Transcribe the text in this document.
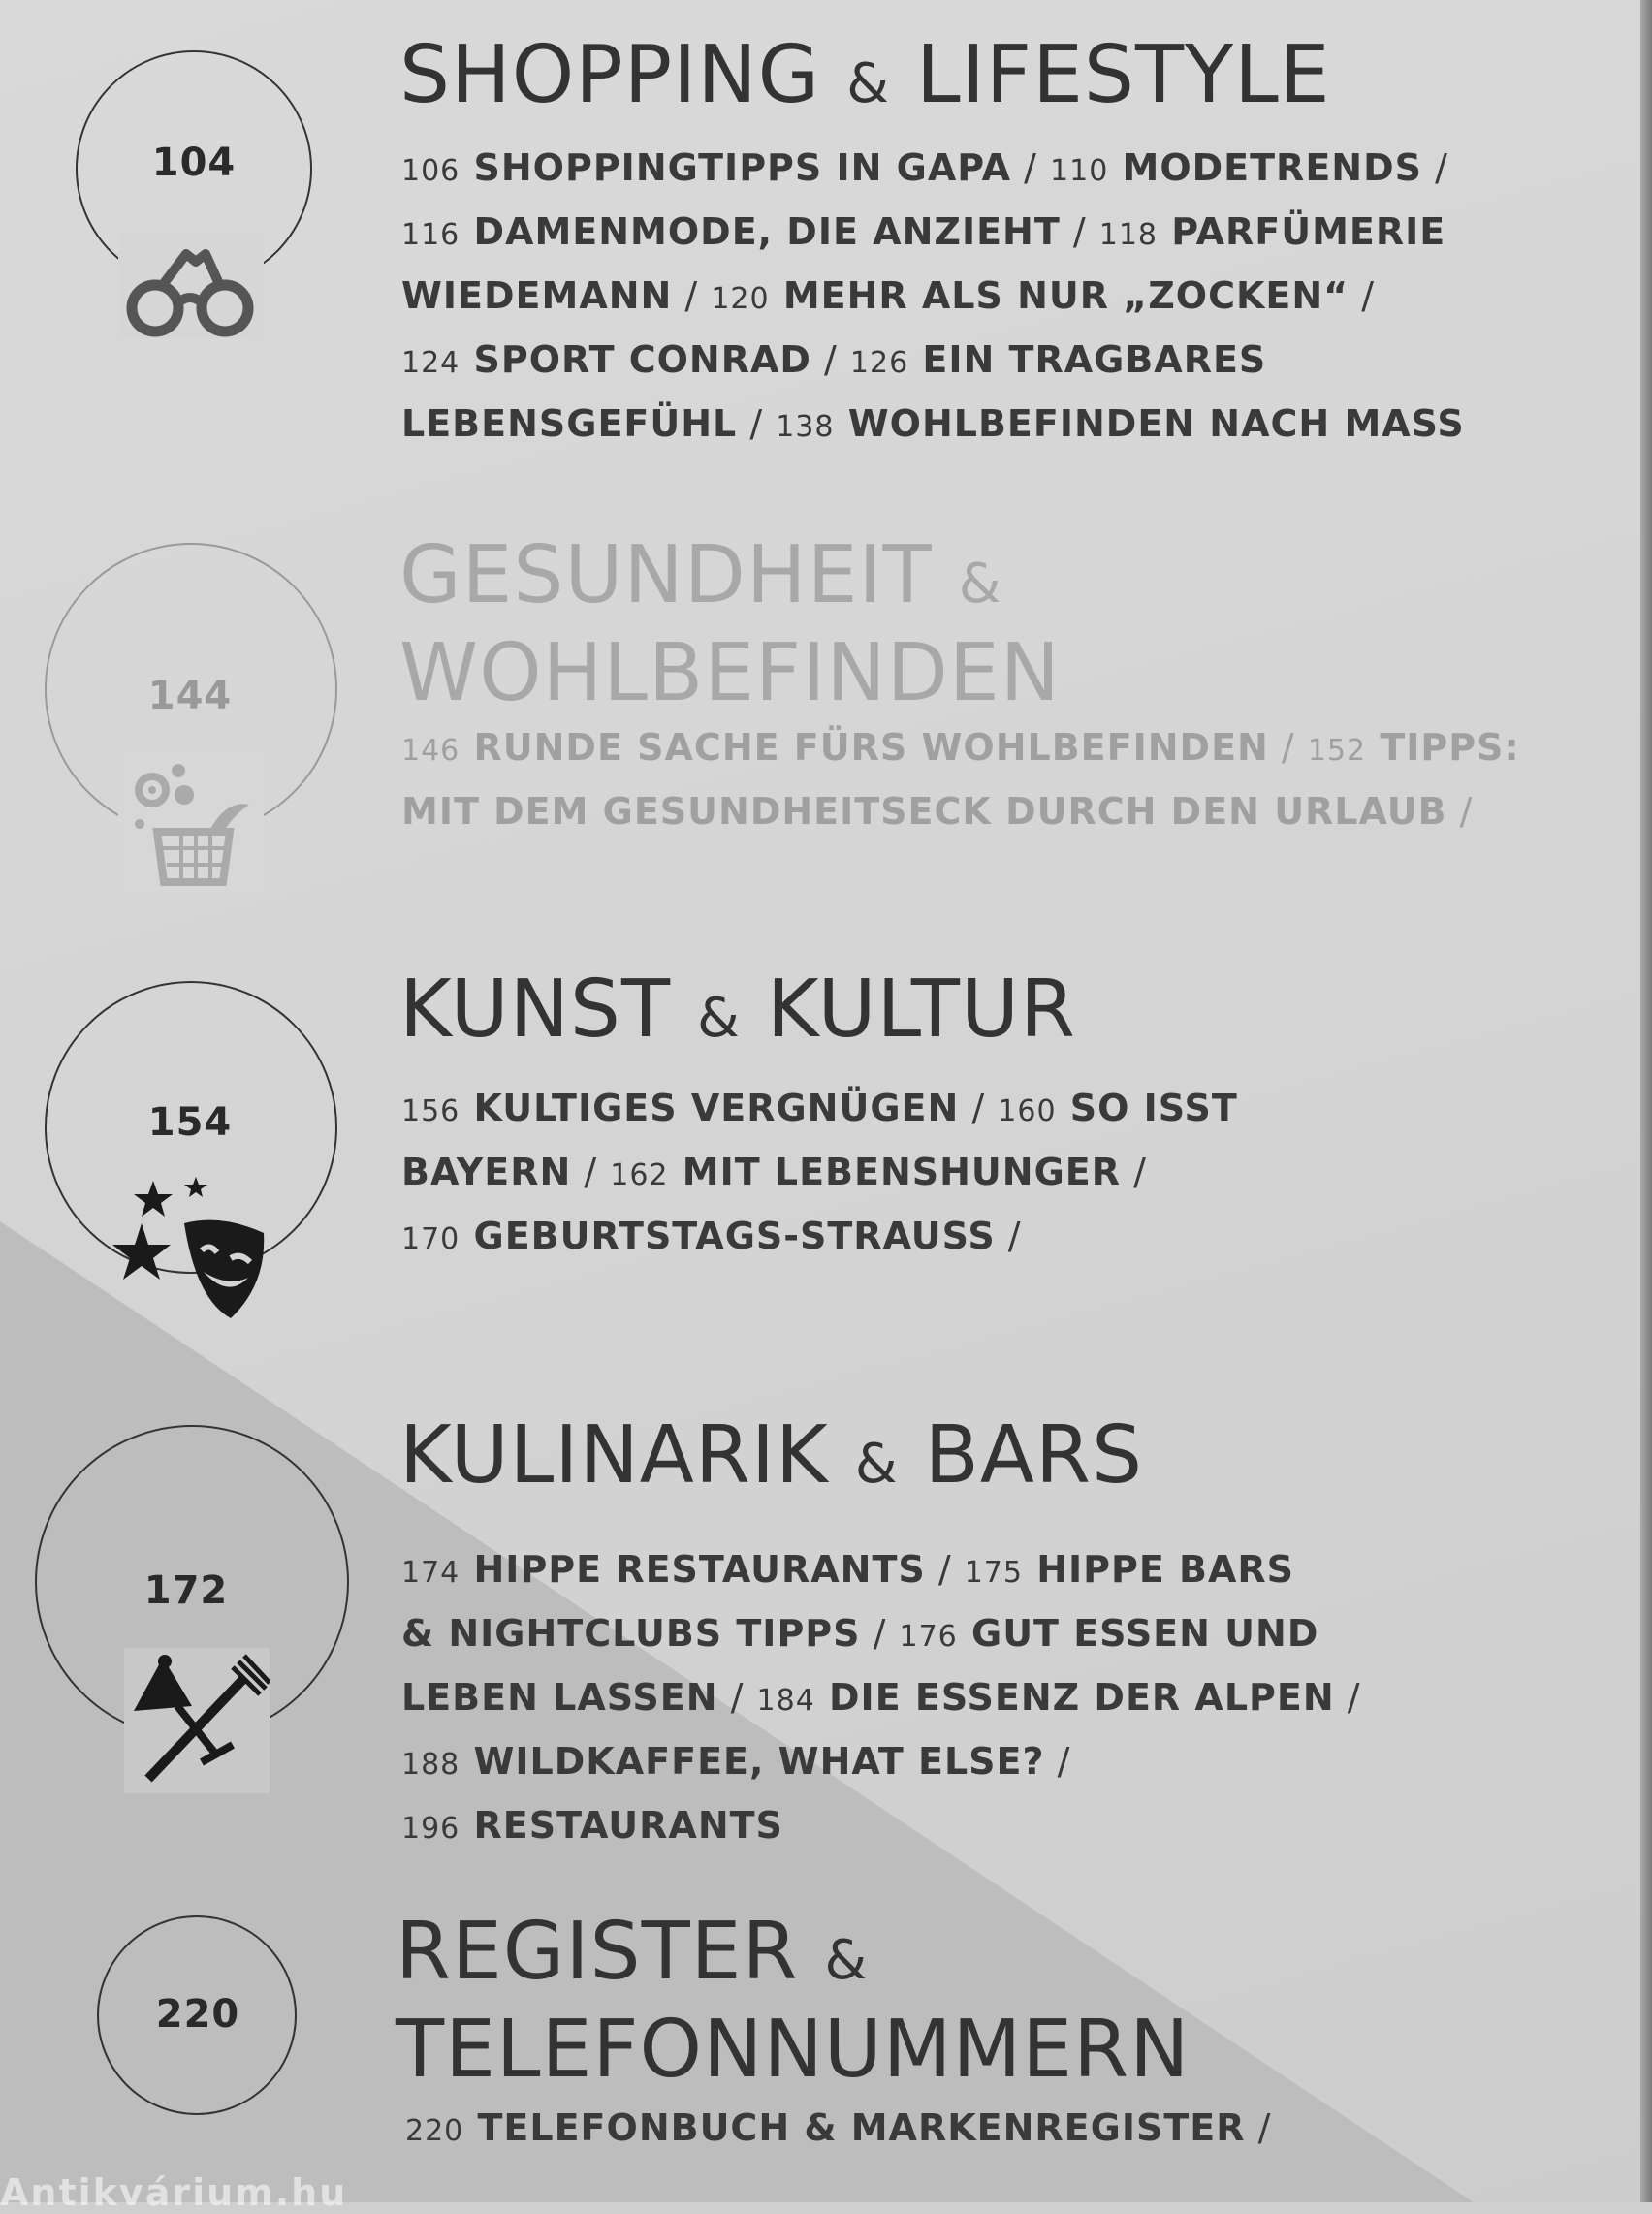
104
SHOPPING & LIFESTYLE
106 SHOPPINGTIPPS IN GAPA / 110 MODETRENDS /
116 DAMENMODE, DIE ANZIEHT / 118 PARFÜMERIE
WIEDEMANN / 120 MEHR ALS NUR „ZOCKEN“ /
124 SPORT CONRAD / 126 EIN TRAGBARES
LEBENSGEFÜHL / 138 WOHLBEFINDEN NACH MASS
144
GESUNDHEIT &
WOHLBEFINDEN
146 RUNDE SACHE FÜRS WOHLBEFINDEN / 152 TIPPS:
MIT DEM GESUNDHEITSECK DURCH DEN URLAUB /
154
KUNST & KULTUR
156 KULTIGES VERGNÜGEN / 160 SO ISST
BAYERN / 162 MIT LEBENSHUNGER /
170 GEBURTSTAGS-STRAUSS /
172
KULINARIK & BARS
174 HIPPE RESTAURANTS / 175 HIPPE BARS
& NIGHTCLUBS TIPPS / 176 GUT ESSEN UND
LEBEN LASSEN / 184 DIE ESSENZ DER ALPEN /
188 WILDKAFFEE, WHAT ELSE? /
196 RESTAURANTS
220
REGISTER &
TELEFONNUMMERN
220 TELEFONBUCH & MARKENREGISTER /
Antikvárium.hu
